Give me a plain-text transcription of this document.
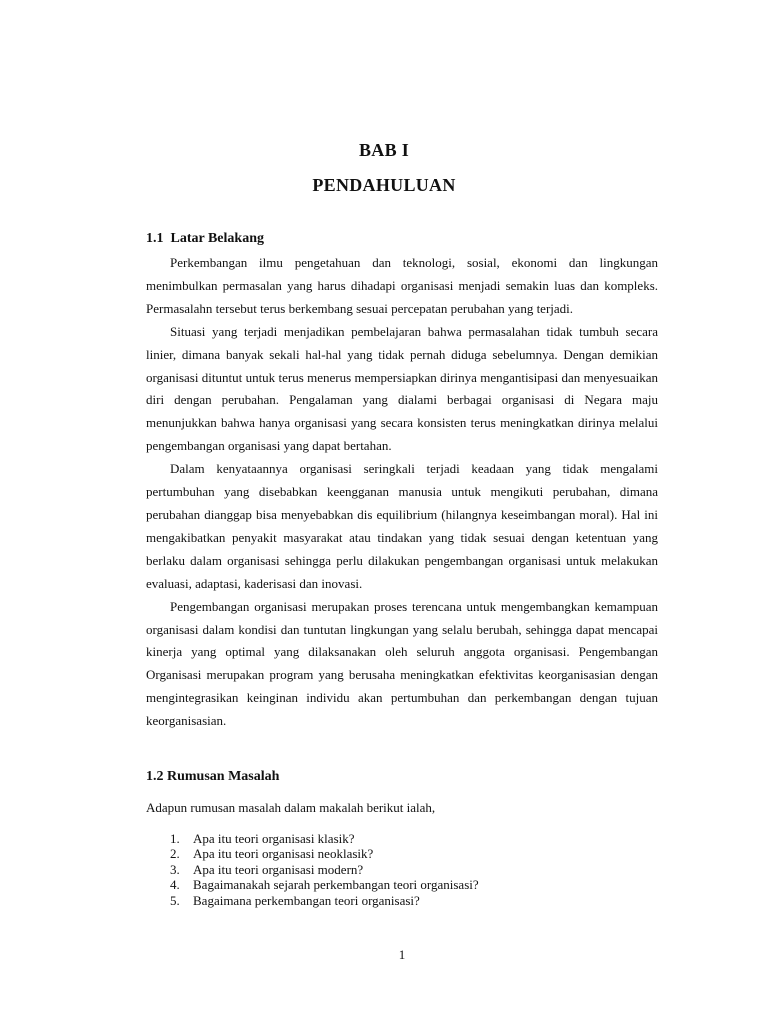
BAB I
PENDAHULUAN
1.1  Latar Belakang

Perkembangan ilmu pengetahuan dan teknologi, sosial, ekonomi dan lingkungan menimbulkan permasalan yang harus dihadapi organisasi menjadi semakin luas dan kompleks. Permasalahn tersebut terus berkembang sesuai percepatan perubahan yang terjadi.

Situasi yang terjadi menjadikan pembelajaran bahwa permasalahan tidak tumbuh secara linier, dimana banyak sekali hal-hal yang tidak pernah diduga sebelumnya. Dengan demikian organisasi dituntut untuk terus menerus mempersiapkan dirinya mengantisipasi dan menyesuaikan diri dengan perubahan. Pengalaman yang dialami berbagai organisasi di Negara maju menunjukkan bahwa hanya organisasi yang secara konsisten terus meningkatkan dirinya melalui pengembangan organisasi yang dapat bertahan.

Dalam kenyataannya organisasi seringkali terjadi keadaan yang tidak mengalami pertumbuhan yang disebabkan keengganan manusia untuk mengikuti perubahan, dimana perubahan dianggap bisa menyebabkan dis equilibrium (hilangnya keseimbangan moral). Hal ini mengakibatkan penyakit masyarakat atau tindakan yang tidak sesuai dengan ketentuan yang berlaku dalam organisasi sehingga perlu dilakukan pengembangan organisasi untuk melakukan evaluasi, adaptasi, kaderisasi dan inovasi.

Pengembangan organisasi merupakan proses terencana untuk mengembangkan kemampuan organisasi dalam kondisi dan tuntutan lingkungan yang selalu berubah, sehingga dapat mencapai kinerja yang optimal yang dilaksanakan oleh seluruh anggota organisasi. Pengembangan Organisasi merupakan program yang berusaha meningkatkan efektivitas keorganisasian dengan mengintegrasikan keinginan individu akan pertumbuhan dan perkembangan dengan tujuan keorganisasian.

1.2 Rumusan Masalah
Adapun rumusan masalah dalam makalah berikut ialah,
1. Apa itu teori organisasi klasik?
2. Apa itu teori organisasi neoklasik?
3. Apa itu teori organisasi modern?
4. Bagaimanakah sejarah perkembangan teori organisasi?
5. Bagaimana perkembangan teori organisasi?
1
